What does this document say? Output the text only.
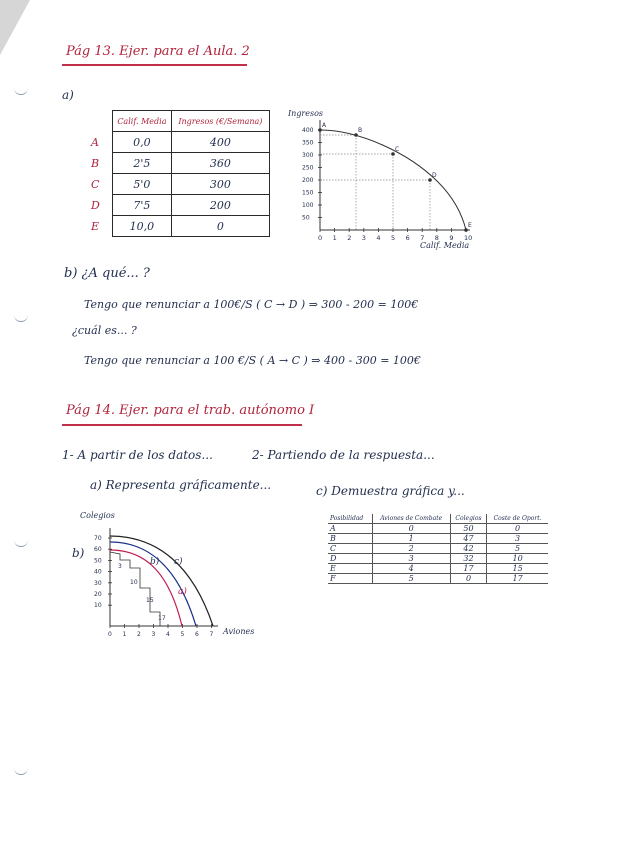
Pág 13. Ejer. para el Aula. 2
a)
	Calif. Media	Ingresos (€/Semana)
A	0,0	400
B	2'5	360
C	5'0	300
D	7'5	200
E	10,0	0
Ingresos
400
350
300
250
200
150
100
50
0 1 2 3 4 5 6 7 8 9 10
A
B
C
D
E
Calif. Media
b) ¿A qué... ?
Tengo que renunciar a 100€/S ( C → D ) ⇒ 300 - 200 = 100€
¿cuál es... ?
Tengo que renunciar a 100 €/S ( A → C ) ⇒ 400 - 300 = 100€
Pág 14. Ejer. para el trab. autónomo I
1- A partir de los datos...	2- Partiendo de la respuesta...
a) Representa gráficamente...	c) Demuestra gráfica y...
b)
Colegios
70
60
50
40
30
20
10
0 1 2 3 4 5 6 7
b) c)
a)
3
10
15
17
Aviones
Posibilidad	Aviones de Combate	Colegios	Coste de Oport.
A	0	50	0
B	1	47	3
C	2	42	5
D	3	32	10
E	4	17	15
F	5	0	17
